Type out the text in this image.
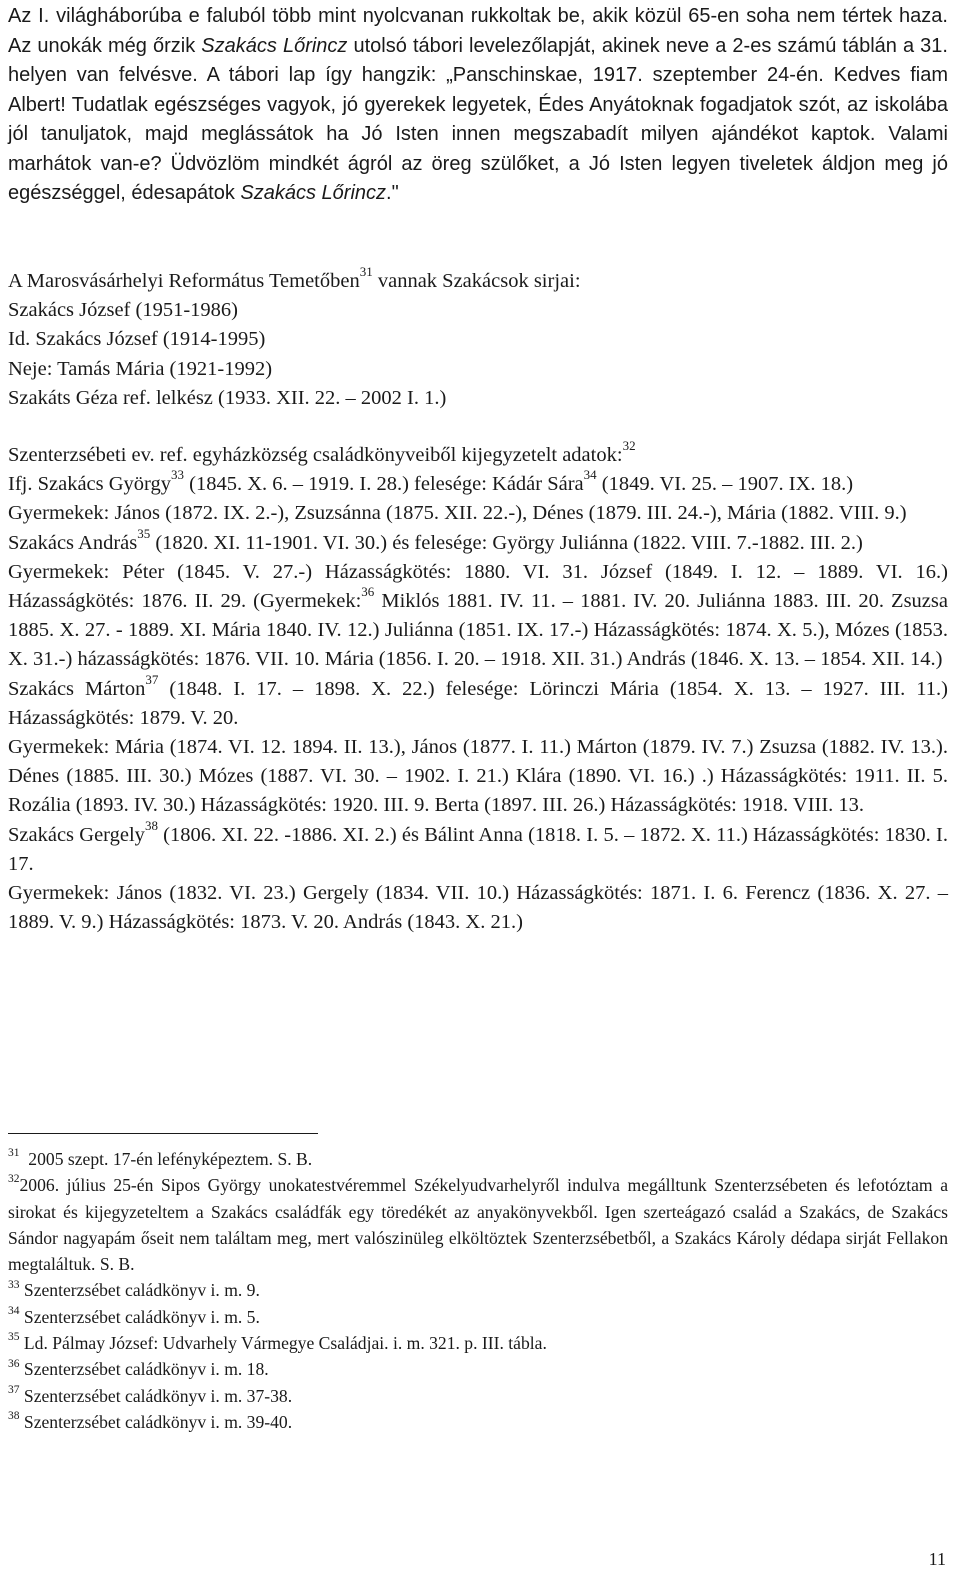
Az I. világháborúba e faluból több mint nyolcvanan rukkoltak be, akik közül 65-en soha nem tértek haza. Az unokák még őrzik Szakács Lőrincz utolsó tábori levelezőlapját, akinek neve a 2-es számú táblán a 31. helyen van felvésve. A tábori lap így hangzik: „Panschinskae, 1917. szeptember 24-én. Kedves fiam Albert! Tudatlak egészséges vagyok, jó gyerekek legyetek, Édes Anyátoknak fogadjatok szót, az iskolába jól tanuljatok, majd meglássátok ha Jó Isten innen megszabadít milyen ajándékot kaptok. Valami marhátok van-e? Üdvözlöm mindkét ágról az öreg szülőket, a Jó Isten legyen tiveletek áldjon meg jó egészséggel, édesapátok Szakács Lőrincz."

A Marosvásárhelyi Református Temetőben$^{31}$ vannak Szakácsok sirjai:
Szakács József (1951-1986)
Id. Szakács József (1914-1995)
Neje: Tamás Mária (1921-1992)
Szakáts Géza ref. lelkész (1933. XII. 22. – 2002 I. 1.)

Szenterzsébeti ev. ref. egyházközség családkönyveiből kijegyzetelt adatok:$^{32}$

Ifj. Szakács György$^{33}$ (1845. X. 6. – 1919. I. 28.) felesége: Kádár Sára$^{34}$ (1849. VI. 25. – 1907. IX. 18.)

Gyermekek: János (1872. IX. 2.-), Zsuzsánna (1875. XII. 22.-), Dénes (1879. III. 24.-), Mária (1882. VIII. 9.)

Szakács András$^{35}$ (1820. XI. 11-1901. VI. 30.) és felesége: György Juliánna (1822. VIII. 7.-1882. III. 2.)

Gyermekek: Péter (1845. V. 27.-) Házasságkötés: 1880. VI. 31. József (1849. I. 12. – 1889. VI. 16.) Házasságkötés: 1876. II. 29. (Gyermekek:$^{36}$ Miklós 1881. IV. 11. – 1881. IV. 20. Juliánna 1883. III. 20. Zsuzsa 1885. X. 27. - 1889. XI. Mária 1840. IV. 12.) Juliánna (1851. IX. 17.-) Házasságkötés: 1874. X. 5.), Mózes (1853. X. 31.-) házasságkötés: 1876. VII. 10. Mária (1856. I. 20. – 1918. XII. 31.) András (1846. X. 13. – 1854. XII. 14.)

Szakács Márton$^{37}$ (1848. I. 17. – 1898. X. 22.) felesége: Lörinczi Mária (1854. X. 13. – 1927. III. 11.) Házasságkötés: 1879. V. 20.

Gyermekek: Mária (1874. VI. 12. 1894. II. 13.), János (1877. I. 11.) Márton (1879. IV. 7.) Zsuzsa (1882. IV. 13.). Dénes (1885. III. 30.) Mózes (1887. VI. 30. – 1902. I. 21.) Klára (1890. VI. 16.) .) Házasságkötés: 1911. II. 5. Rozália (1893. IV. 30.) Házasságkötés: 1920. III. 9. Berta (1897. III. 26.) Házasságkötés: 1918. VIII. 13.

Szakács Gergely$^{38}$ (1806. XI. 22. -1886. XI. 2.) és Bálint Anna (1818. I. 5. – 1872. X. 11.) Házasságkötés: 1830. I. 17.

Gyermekek: János (1832. VI. 23.) Gergely (1834. VII. 10.) Házasságkötés: 1871. I. 6. Ferencz (1836. X. 27. – 1889. V. 9.) Házasságkötés: 1873. V. 20. András (1843. X. 21.)

$^{31}$ 2005 szept. 17-én lefényképeztem. S. B.
$^{32}$2006. július 25-én Sipos György unokatestvéremmel Székelyudvarhelyről indulva megálltunk Szenterzsébeten és lefotóztam a sirokat és kijegyzeteltem a Szakács családfák egy töredékét az anyakönyvekből. Igen szerteágazó család a Szakács, de Szakács Sándor nagyapám őseit nem találtam meg, mert valószinüleg elköltöztek Szenterzsébetből, a Szakács Károly dédapa sirját Fellakon megtaláltuk. S. B.
$^{33}$ Szenterzsébet caládkönyv i. m. 9.
$^{34}$ Szenterzsébet caládkönyv i. m. 5.
$^{35}$ Ld. Pálmay József: Udvarhely Vármegye Családjai. i. m. 321. p. III. tábla.
$^{36}$ Szenterzsébet caládkönyv i. m. 18.
$^{37}$ Szenterzsébet caládkönyv i. m. 37-38.
$^{38}$ Szenterzsébet caládkönyv i. m. 39-40.
11
